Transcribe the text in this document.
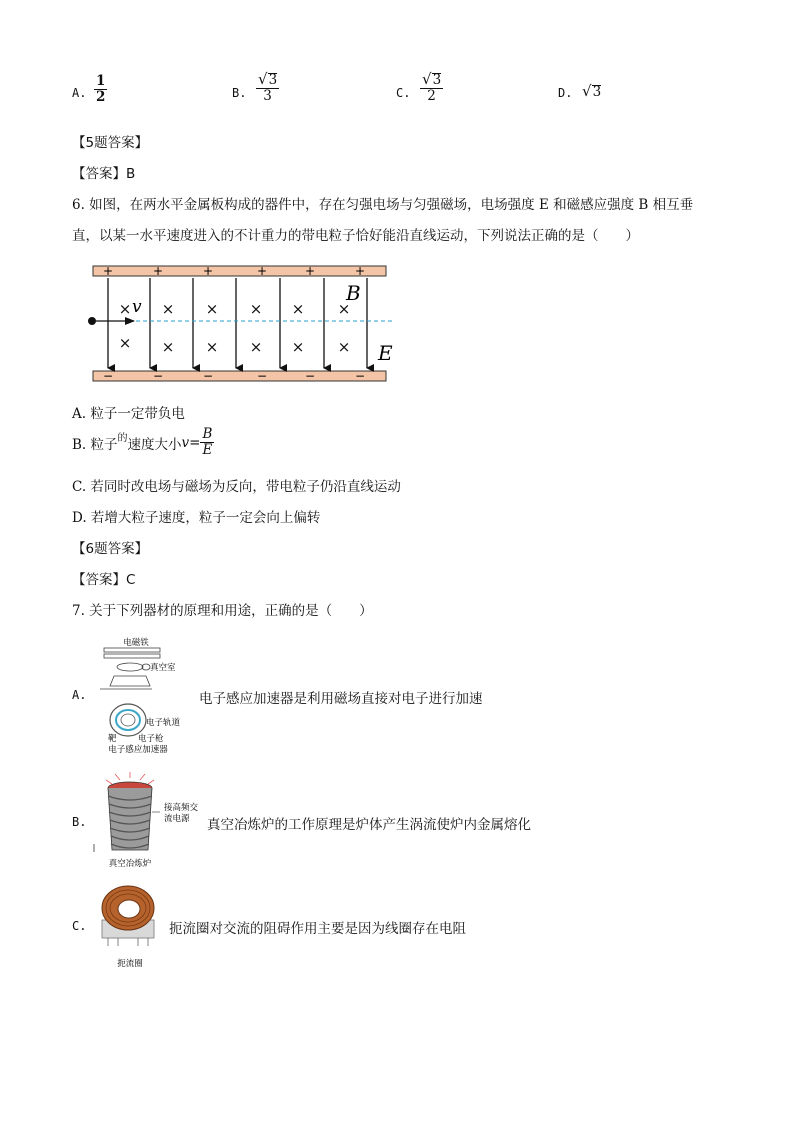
A. $\frac{1}{2}$	B. $\frac{√ 3}{3}$	C. $\frac{√ 3}{2}$	D. √ 3
【5题答案】
【答案】B
6. 如图，在两水平金属板构成的器件中，存在匀强电场与匀强磁场，电场强度 E 和磁感应强度 B 相互垂
直，以某一水平速度进入的不计重力的带电粒子恰好能沿直线运动，下列说法正确的是（　　）
+	+	+	+	+	+
−	−	−	−	−	−
× × × × × ×
× × × × × ×
v
B
E
A. 粒子一定带负电
B. 粒子 的 速度大小 $v = \frac{B}{E}$
C. 若同时改电场与磁场为反向，带电粒子仍沿直线运动
D. 若增大粒子速度，粒子一定会向上偏转
【6题答案】
【答案】C
7. 关于下列器材的原理和用途，正确的是（　　）
A.
电磁铁
真空室
电子轨道
靶	电子枪
电子感应加速器
电子感应加速器是利用磁场直接对电子进行加速
B.
接高频交
流电源
真空冶炼炉
真空冶炼炉的工作原理是炉体产生涡流使炉内金属熔化
C.
扼流圈
扼流圈对交流的阻碍作用主要是因为线圈存在电阻
